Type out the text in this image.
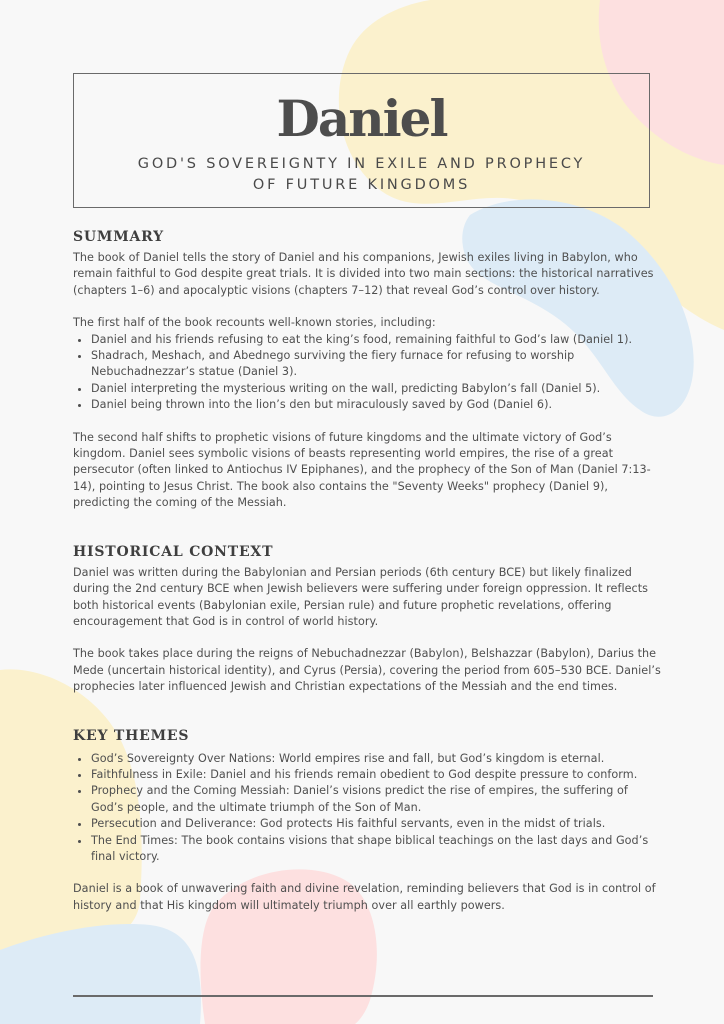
Daniel
GOD'S SOVEREIGNTY IN EXILE AND PROPHECY
OF FUTURE KINGDOMS
SUMMARY

The book of Daniel tells the story of Daniel and his companions, Jewish exiles living in Babylon, who remain faithful to God despite great trials. It is divided into two main sections: the historical narratives (chapters 1–6) and apocalyptic visions (chapters 7–12) that reveal God’s control over history.

The first half of the book recounts well-known stories, including:

• Daniel and his friends refusing to eat the king’s food, remaining faithful to God’s law (Daniel 1).
• Shadrach, Meshach, and Abednego surviving the fiery furnace for refusing to worship Nebuchadnezzar’s statue (Daniel 3).
• Daniel interpreting the mysterious writing on the wall, predicting Babylon’s fall (Daniel 5).
• Daniel being thrown into the lion’s den but miraculously saved by God (Daniel 6).

The second half shifts to prophetic visions of future kingdoms and the ultimate victory of God’s kingdom. Daniel sees symbolic visions of beasts representing world empires, the rise of a great persecutor (often linked to Antiochus IV Epiphanes), and the prophecy of the Son of Man (Daniel 7:13-14), pointing to Jesus Christ. The book also contains the "Seventy Weeks" prophecy (Daniel 9), predicting the coming of the Messiah.

HISTORICAL CONTEXT

Daniel was written during the Babylonian and Persian periods (6th century BCE) but likely finalized during the 2nd century BCE when Jewish believers were suffering under foreign oppression. It reflects both historical events (Babylonian exile, Persian rule) and future prophetic revelations, offering encouragement that God is in control of world history.

The book takes place during the reigns of Nebuchadnezzar (Babylon), Belshazzar (Babylon), Darius the Mede (uncertain historical identity), and Cyrus (Persia), covering the period from 605–530 BCE. Daniel’s prophecies later influenced Jewish and Christian expectations of the Messiah and the end times.

KEY THEMES
• God’s Sovereignty Over Nations: World empires rise and fall, but God’s kingdom is eternal.
• Faithfulness in Exile: Daniel and his friends remain obedient to God despite pressure to conform.
• Prophecy and the Coming Messiah: Daniel’s visions predict the rise of empires, the suffering of God’s people, and the ultimate triumph of the Son of Man.
• Persecution and Deliverance: God protects His faithful servants, even in the midst of trials.
• The End Times: The book contains visions that shape biblical teachings on the last days and God’s final victory.

Daniel is a book of unwavering faith and divine revelation, reminding believers that God is in control of history and that His kingdom will ultimately triumph over all earthly powers.
